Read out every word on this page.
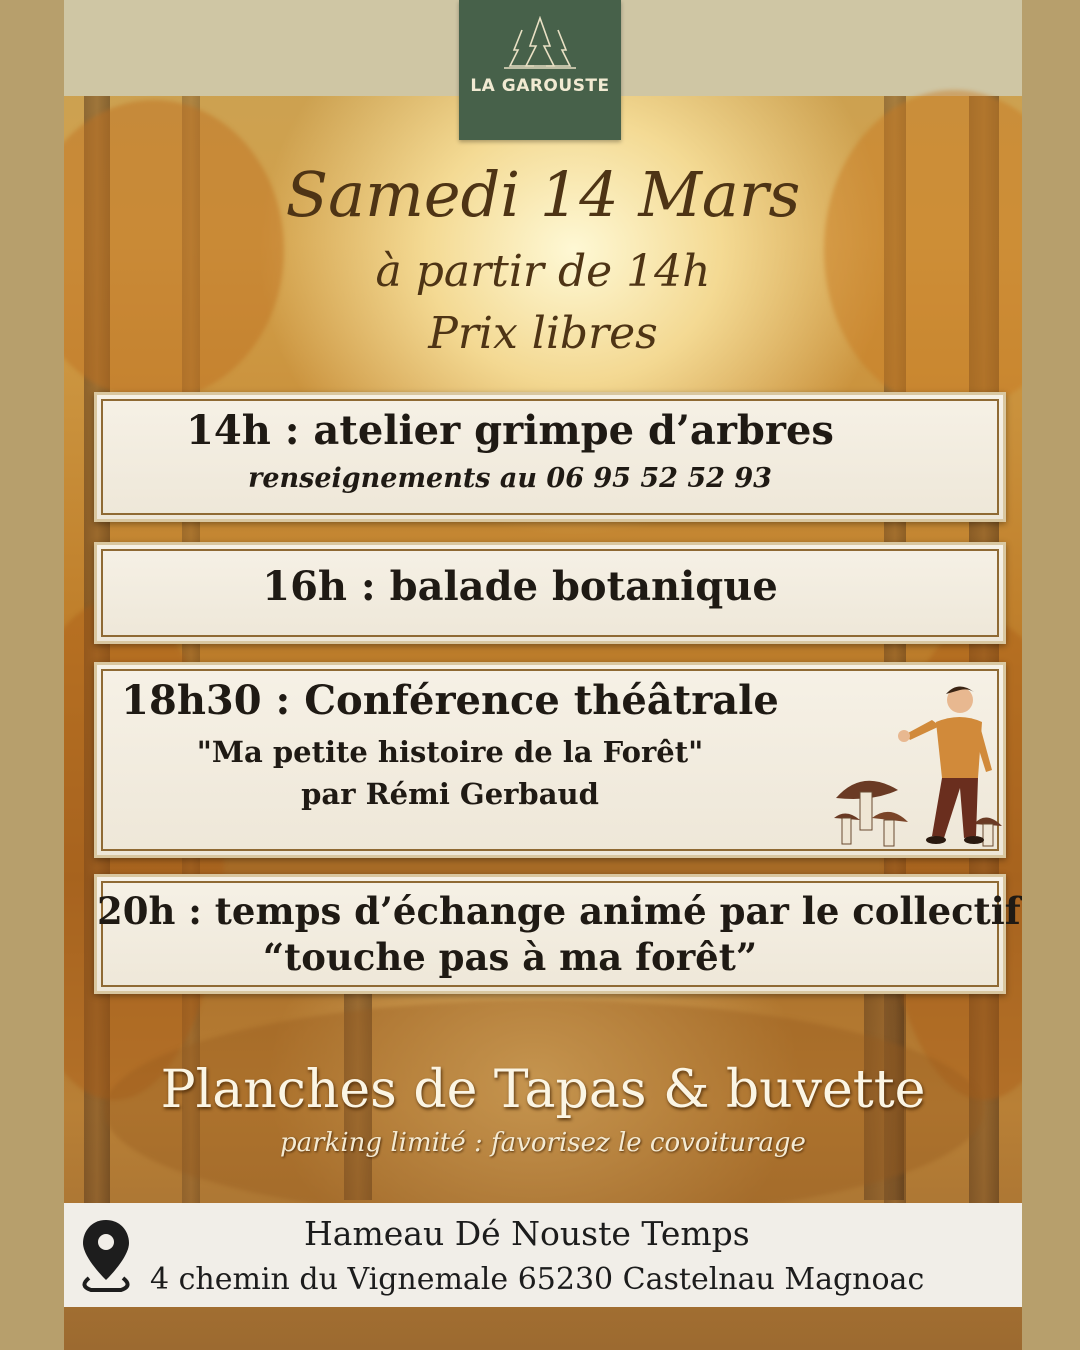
LA GAROUSTE
Samedi 14 Mars
à partir de 14h
Prix libres
14h : atelier grimpe d’arbres
renseignements au 06 95 52 52 93
16h : balade botanique
18h30 : Conférence théâtrale
"Ma petite histoire de la Forêt"
par Rémi Gerbaud
20h : temps d’échange animé par le collectif
“touche pas à ma forêt”
Planches de Tapas & buvette
parking limité : favorisez le covoiturage
Hameau Dé Nouste Temps
4 chemin du Vignemale 65230 Castelnau Magnoac
